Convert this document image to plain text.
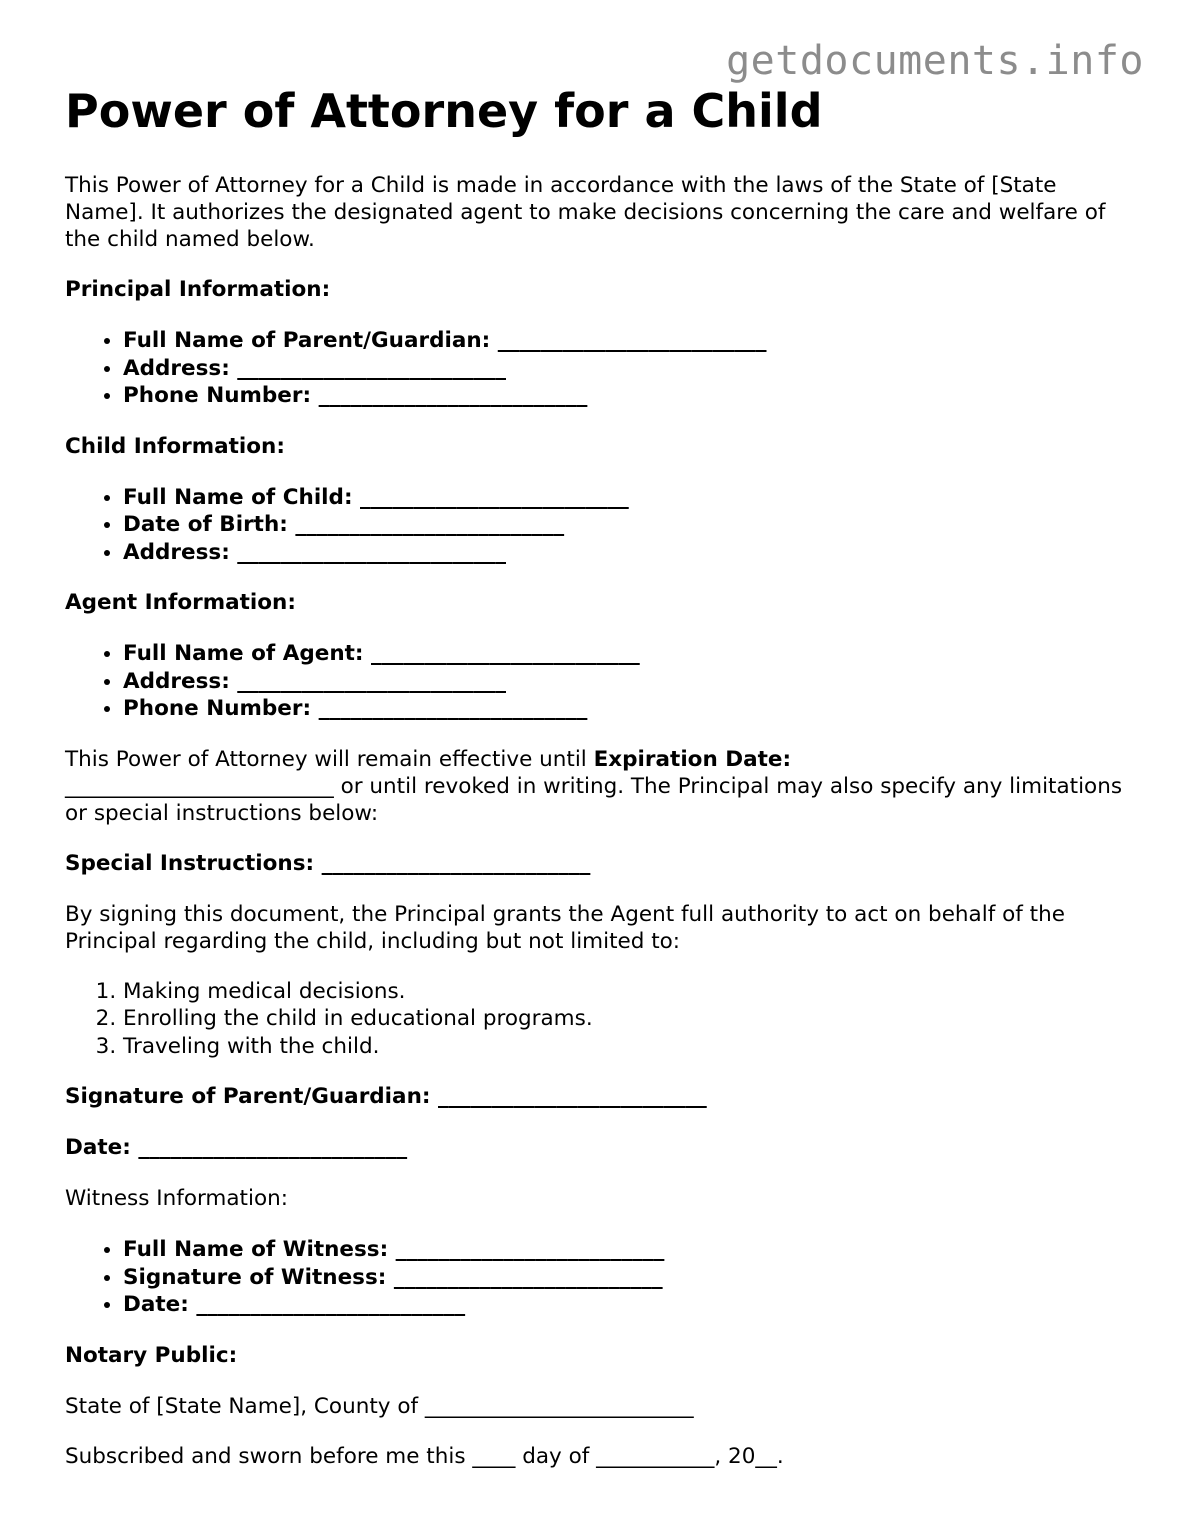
getdocuments.info
Power of Attorney for a Child

This Power of Attorney for a Child is made in accordance with the laws of the State of [State Name]. It authorizes the designated agent to make decisions concerning the care and welfare of the child named below.

Principal Information:

• Full Name of Parent/Guardian: _________________________
• Address: _________________________
• Phone Number: _________________________

Child Information:

• Full Name of Child: _________________________
• Date of Birth: _________________________
• Address: _________________________

Agent Information:

• Full Name of Agent: _________________________
• Address: _________________________
• Phone Number: _________________________

This Power of Attorney will remain effective until Expiration Date:
_________________________ or until revoked in writing. The Principal may also specify any limitations or special instructions below:

Special Instructions: _________________________

By signing this document, the Principal grants the Agent full authority to act on behalf of the Principal regarding the child, including but not limited to:

1. Making medical decisions.
2. Enrolling the child in educational programs.
3. Traveling with the child.

Signature of Parent/Guardian: _________________________

Date: _________________________

Witness Information:

• Full Name of Witness: _________________________
• Signature of Witness: _________________________
• Date: _________________________

Notary Public:

State of [State Name], County of _________________________

Subscribed and sworn before me this ____ day of ___________, 20__.
